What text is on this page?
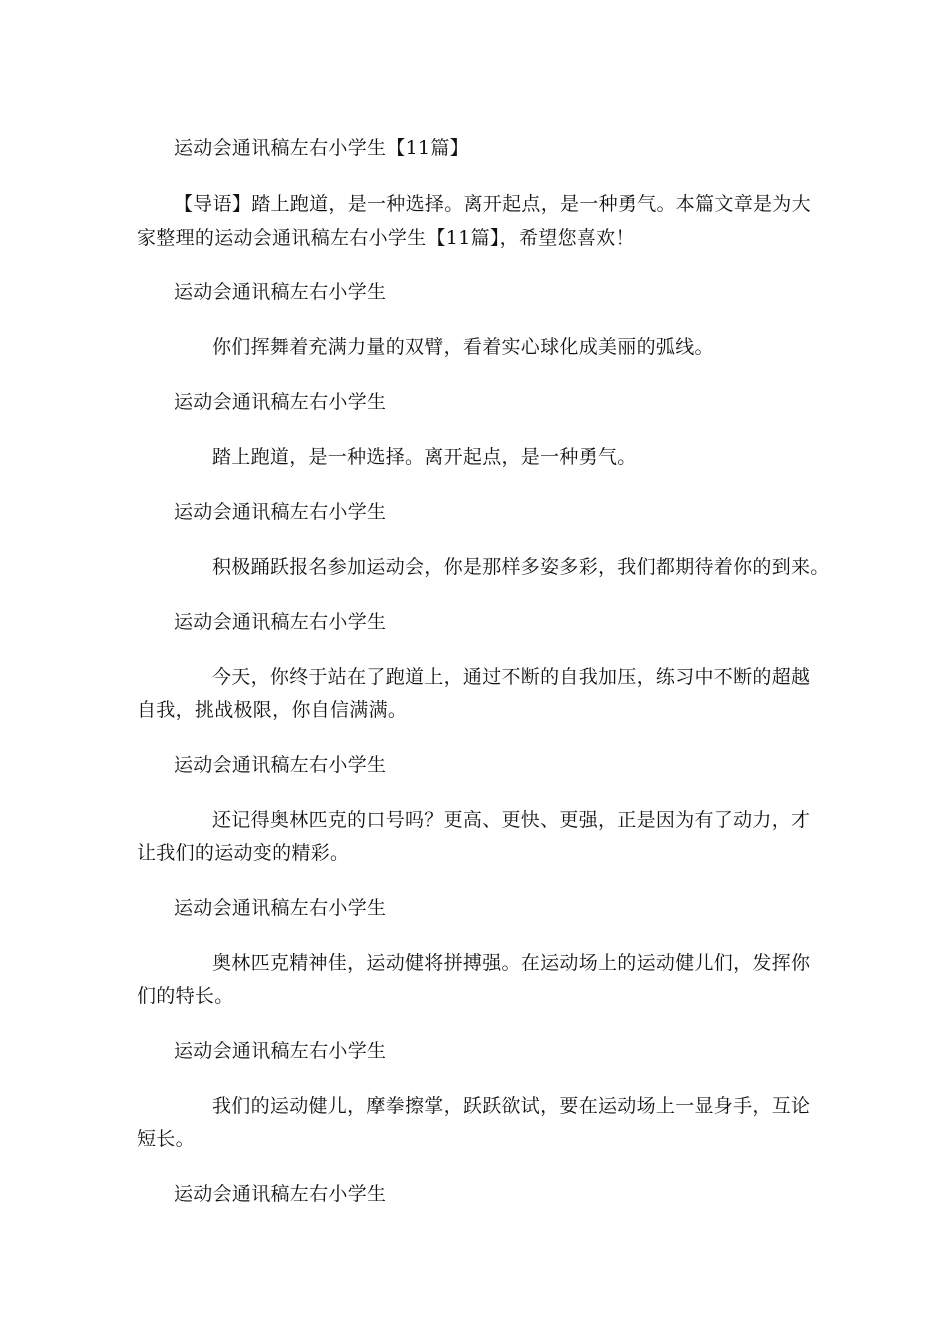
运动会通讯稿左右小学生【11篇】
【导语】踏上跑道，是一种选择。离开起点，是一种勇气。本篇文章是为大
家整理的运动会通讯稿左右小学生【11篇】，希望您喜欢！
运动会通讯稿左右小学生
你们挥舞着充满力量的双臂，看着实心球化成美丽的弧线。
运动会通讯稿左右小学生
踏上跑道，是一种选择。离开起点，是一种勇气。
运动会通讯稿左右小学生
积极踊跃报名参加运动会，你是那样多姿多彩，我们都期待着你的到来。
运动会通讯稿左右小学生
今天，你终于站在了跑道上，通过不断的自我加压，练习中不断的超越
自我，挑战极限，你自信满满。
运动会通讯稿左右小学生
还记得奥林匹克的口号吗？更高、更快、更强，正是因为有了动力，才
让我们的运动变的精彩。
运动会通讯稿左右小学生
奥林匹克精神佳，运动健将拼搏强。在运动场上的运动健儿们，发挥你
们的特长。
运动会通讯稿左右小学生
我们的运动健儿，摩拳擦掌，跃跃欲试，要在运动场上一显身手，互论
短长。
运动会通讯稿左右小学生
